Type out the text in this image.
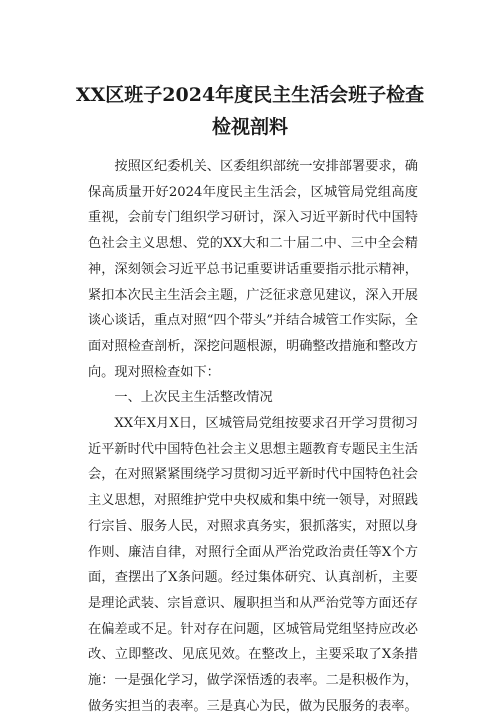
XX区班子2024年度民主生活会班子检查检视剖料

按照区纪委机关、区委组织部统一安排部署要求，确保高质量开好2024年度民主生活会，区城管局党组高度重视，会前专门组织学习研讨，深入习近平新时代中国特色社会主义思想、党的XX大和二十届二中、三中全会精神，深刻领会习近平总书记重要讲话重要指示批示精神，紧扣本次民主生活会主题，广泛征求意见建议，深入开展谈心谈话，重点对照“四个带头”并结合城管工作实际，全面对照检查剖析，深挖问题根源，明确整改措施和整改方向。现对照检查如下：

一、上次民主生活整改情况

XX年X月X日，区城管局党组按要求召开学习贯彻习近平新时代中国特色社会主义思想主题教育专题民主生活会，在对照紧紧围绕学习贯彻习近平新时代中国特色社会主义思想，对照维护党中央权威和集中统一领导，对照践行宗旨、服务人民，对照求真务实，狠抓落实，对照以身作则、廉洁自律，对照行全面从严治党政治责任等X个方面，查摆出了X条问题。经过集体研究、认真剖析，主要是理论武装、宗旨意识、履职担当和从严治党等方面还存在偏差或不足。针对存在问题，区城管局党组坚持应改必改、立即整改、见底见效。在整改上，主要采取了X条措施：一是强化学习，做学深悟透的表率。二是积极作为，做务实担当的表率。三是真心为民，做为民服务的表率。
